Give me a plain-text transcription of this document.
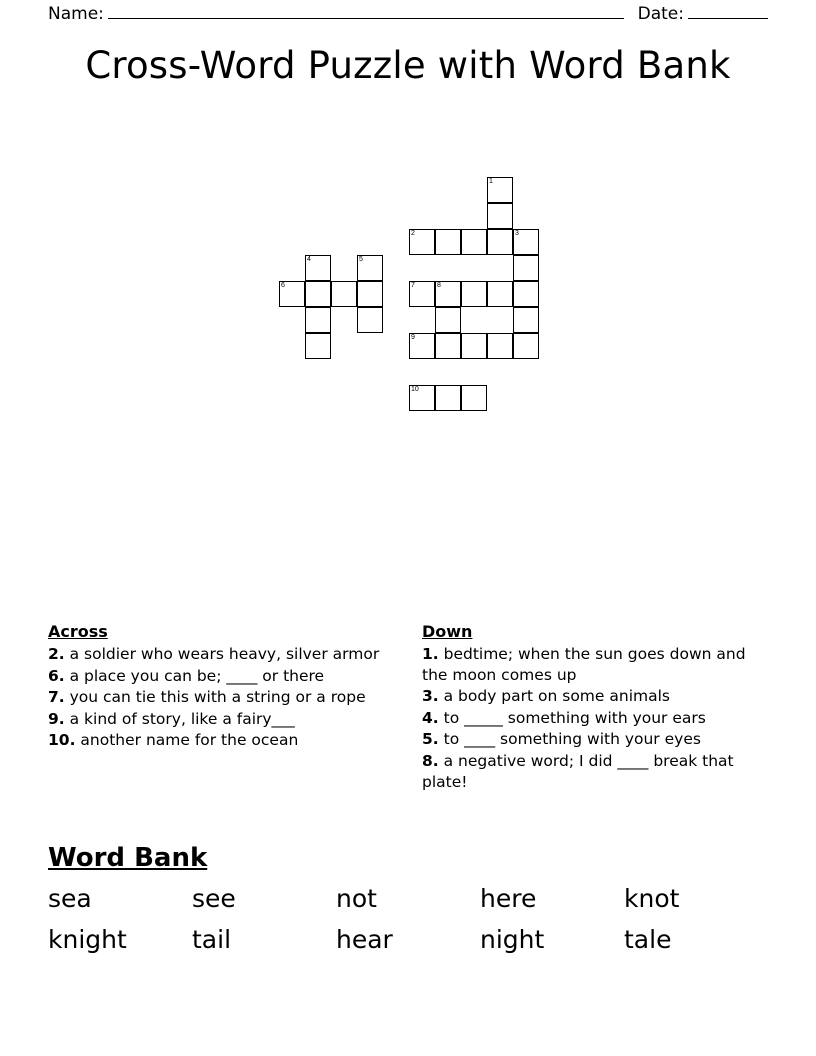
Name:	Date:
Cross-Word Puzzle with Word Bank
1
2	3
4	5
6	7	8
9
10
Across
2. a soldier who wears heavy, silver armor
6. a place you can be; ____ or there
7. you can tie this with a string or a rope
9. a kind of story, like a fairy___
10. another name for the ocean
Down
1. bedtime; when the sun goes down and the moon comes up
3. a body part on some animals
4. to _____ something with your ears
5. to ____ something with your eyes
8. a negative word; I did ____ break that plate!
Word Bank
sea	see	not	here	knot
knight	tail	hear	night	tale
